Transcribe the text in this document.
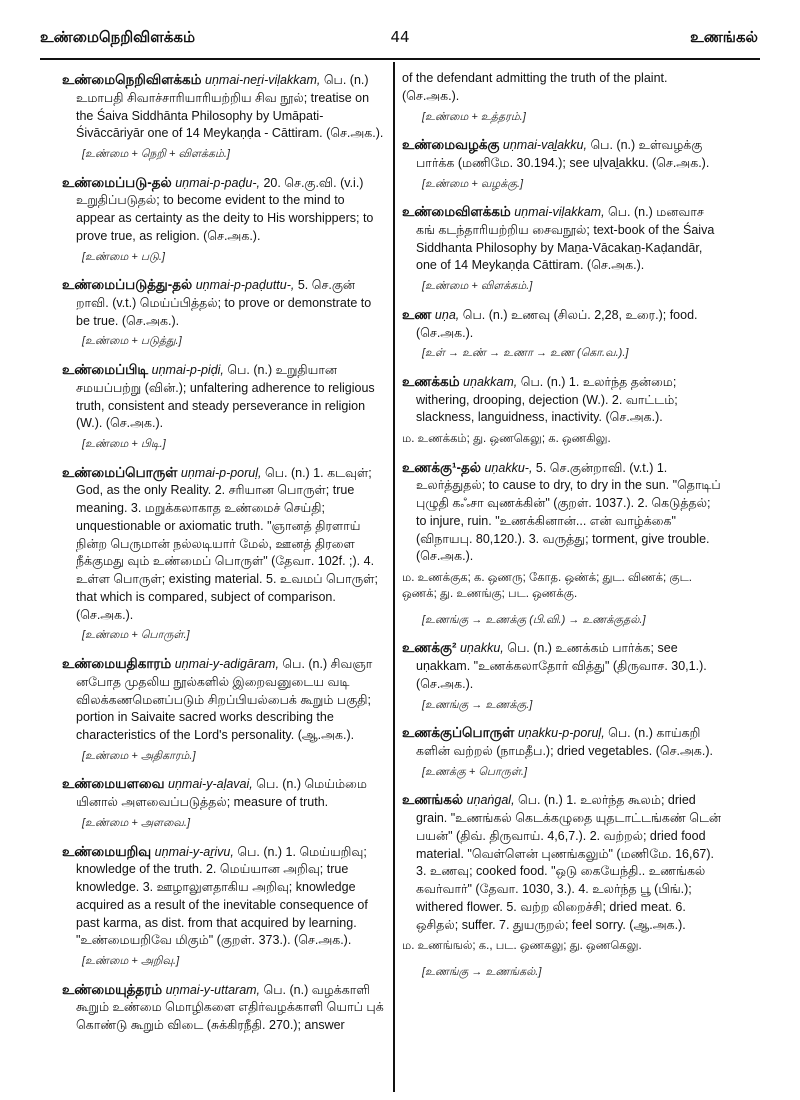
உண்மைநெறிவிளக்கம்	44	உணங்கல்
உண்மைநெறிவிளக்கம் uṇmai-neṟi-viḷakkam, பெ. (n.) உமாபதி சிவாச்சாரியாரியற்றிய சிவ நூல்; treatise on the Śaiva Siddhānta Philosophy by Umāpati-Śivāccāriyār one of 14 Meykaṇḍa - Cāttiram. (செ.அக.).
[உண்மை + நெறி + விளக்கம்.]
உண்மைப்படு-தல் uṇmai-p-paḍu-, 20. செ.கு.வி. (v.i.) உறுதிப்படுதல்; to become evident to the mind to appear as certainty as the deity to His worshippers; to prove true, as religion. (செ.அக.).
[உண்மை + படு.]
உண்மைப்படுத்து-தல் uṇmai-p-paḍuttu-, 5. செ.குன் றாவி. (v.t.) மெய்ப்பித்தல்; to prove or demonstrate to be true. (செ.அக.).
[உண்மை + படுத்து.]
உண்மைப்பிடி uṇmai-p-piḍi, பெ. (n.) உறுதியான சமயப்பற்று (வின்.); unfaltering adherence to religious truth, consistent and steady perseverance in religion (W.). (செ.அக.).
[உண்மை + பிடி.]
உண்மைப்பொருள் uṇmai-p-poruḷ, பெ. (n.) 1. கடவுள்; God, as the only Reality. 2. சரியான பொருள்; true meaning. 3. மறுக்கலாகாத உண்மைச் செய்தி; unquestionable or axiomatic truth. "ஞானத் திரளாய் நின்ற பெருமான் நல்லடியார் மேல், ஊனத் திரளை நீக்குமது வும் உண்மைப் பொருள்" (தேவா. 102f. ;). 4. உள்ள பொருள்; existing material. 5. உவமப் பொருள்; that which is compared, subject of comparison. (செ.அக.).
[உண்மை + பொருள்.]
உண்மையதிகாரம் uṇmai-y-adigāram, பெ. (n.) சிவஞா னபோத முதலிய நூல்களில் இறைவனுடைய வடி விலக்கணமெனப்படும் சிறப்பியல்பைக் கூறும் பகுதி; portion in Saivaite sacred works describing the characteristics of the Lord's personality. (ஆ.அக.).
[உண்மை + அதிகாரம்.]
உண்மையளவை uṇmai-y-aḷavai, பெ. (n.) மெய்ம்மை யினால் அளவைப்படுத்தல்; measure of truth.
[உண்மை + அளவை.]
உண்மையறிவு uṇmai-y-aṟivu, பெ. (n.) 1. மெய்யறிவு; knowledge of the truth. 2. மெய்யான அறிவு; true knowledge. 3. ஊழாலுளதாகிய அறிவு; knowledge acquired as a result of the inevitable consequence of past karma, as dist. from that acquired by learning. "உண்மையறிவே மிகும்" (குறள். 373.). (செ.அக.).
[உண்மை + அறிவு.]
உண்மையுத்தரம் uṇmai-y-uttaram, பெ. (n.) வழக்காளி கூறும் உண்மை மொழிகளை எதிர்வழக்காளி யொப் புக் கொண்டு கூறும் விடை (சுக்கிரநீதி. 270.); answer
of the defendant admitting the truth of the plaint. (செ.அக.).
[உண்மை + உத்தரம்.]
உண்மைவழக்கு uṇmai-vaḻakku, பெ. (n.) உள்வழக்கு பார்க்க (மணிமே. 30.194.); see uḷvaḻakku. (செ.அக.).
[உண்மை + வழக்கு.]
உண்மைவிளக்கம் uṇmai-viḷakkam, பெ. (n.) மனவாச கங் கடந்தாரியற்றிய சைவநூல்; text-book of the Śaiva Siddhanta Philosophy by Maṉa-Vācakaṉ-Kaḍandār, one of 14 Meykaṇḍa Cāttiram. (செ.அக.).
[உண்மை + விளக்கம்.]
உண uṇa, பெ. (n.) உணவு (சிலப். 2,28, உரை.); food. (செ.அக.).
[உள் → உண் → உணா → உண (கொ.வ.).]
உணக்கம் uṇakkam, பெ. (n.) 1. உலர்ந்த தன்மை; withering, drooping, dejection (W.). 2. வாட்டம்; slackness, languidness, inactivity. (செ.அக.).
ம. உணக்கம்; து. ஒணகெலு; க. ஒணகிலு.
உணக்கு¹-தல் uṇakku-, 5. செ.குன்றாவி. (v.t.) 1. உலர்த்துதல்; to cause to dry, to dry in the sun. "தொடிப் புழுதி கஃசா வுணக்கின்" (குறள். 1037.). 2. கெடுத்தல்; to injure, ruin. "உணக்கினான்... என் வாழ்க்கை" (விநாயபு. 80,120.). 3. வருத்து; torment, give trouble. (செ.அக.).
ம. உணக்குக; க. ஒணரு; கோத. ஒண்க்; துட. விணக்; குட. ஒணக்; து. உணங்கு; பட. ஒணக்கு.
[உணங்கு → உணக்கு (பி.வி.) → உணக்குதல்.]
உணக்கு² uṇakku, பெ. (n.) உணக்கம் பார்க்க; see uṇakkam. "உணக்கலாதோர் வித்து" (திருவாச. 30,1.). (செ.அக.).
[உணங்கு → உணக்கு.]
உணக்குப்பொருள் uṇakku-p-poruḷ, பெ. (n.) காய்கறி களின் வற்றல் (நாமதீப.); dried vegetables. (செ.அக.).
[உணக்கு + பொருள்.]
உணங்கல் uṇaṅgal, பெ. (n.) 1. உலர்ந்த கூலம்; dried grain. "உணங்கல் கெடக்கழுதை யுதடாட்டங்கண் டென் பயன்" (திவ். திருவாய். 4,6,7.). 2. வற்றல்; dried food material. "வெள்ளென் புணங்கலும்" (மணிமே. 16,67). 3. உணவு; cooked food. "ஒடு கையேந்தி.. உணங்கல் கவர்வார்" (தேவா. 1030, 3.). 4. உலர்ந்த பூ (பிங்.); withered flower. 5. வற்ற லிறைச்சி; dried meat. 6. ஒசிதல்; suffer. 7. துயருறல்; feel sorry. (ஆ.அக.).
ம. உணங்ஙல்; க., பட. ஒணகலு; து. ஒணகெலு.
[உணங்கு → உணங்கல்.]
